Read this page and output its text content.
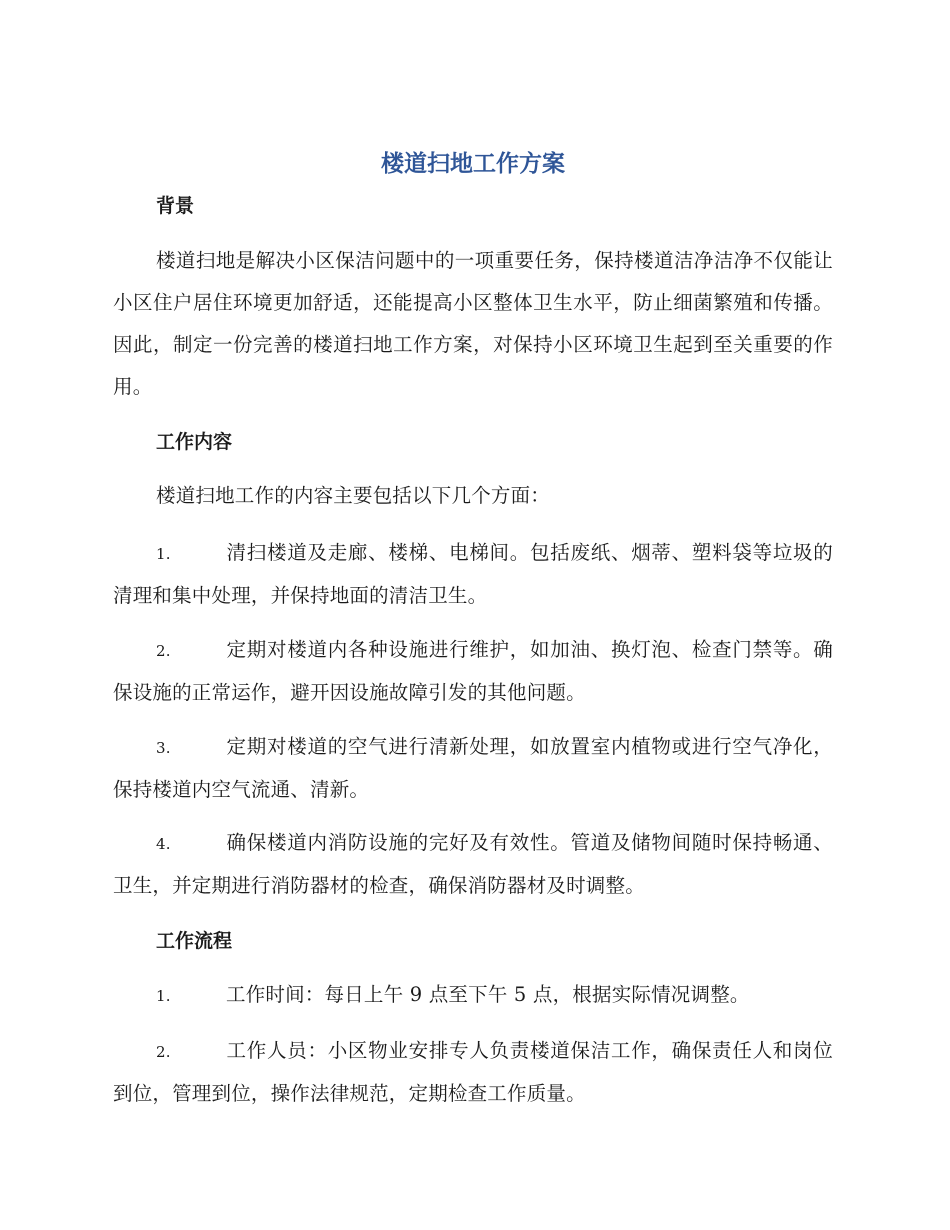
楼道扫地工作方案
背景

楼道扫地是解决小区保洁问题中的一项重要任务，保持楼道洁净洁净不仅能让小区住户居住环境更加舒适，还能提高小区整体卫生水平，防止细菌繁殖和传播。因此，制定一份完善的楼道扫地工作方案，对保持小区环境卫生起到至关重要的作用。

工作内容

楼道扫地工作的内容主要包括以下几个方面：

1.	清扫楼道及走廊、楼梯、电梯间。包括废纸、烟蒂、塑料袋等垃圾的清理和集中处理，并保持地面的清洁卫生。

2.	定期对楼道内各种设施进行维护，如加油、换灯泡、检查门禁等。确保设施的正常运作，避开因设施故障引发的其他问题。

3.	定期对楼道的空气进行清新处理，如放置室内植物或进行空气净化，保持楼道内空气流通、清新。

4.	确保楼道内消防设施的完好及有效性。管道及储物间随时保持畅通、卫生，并定期进行消防器材的检查，确保消防器材及时调整。

工作流程

1.	工作时间：每日上午 9 点至下午 5 点，根据实际情况调整。

2.	工作人员：小区物业安排专人负责楼道保洁工作，确保责任人和岗位到位，管理到位，操作法律规范，定期检查工作质量。
